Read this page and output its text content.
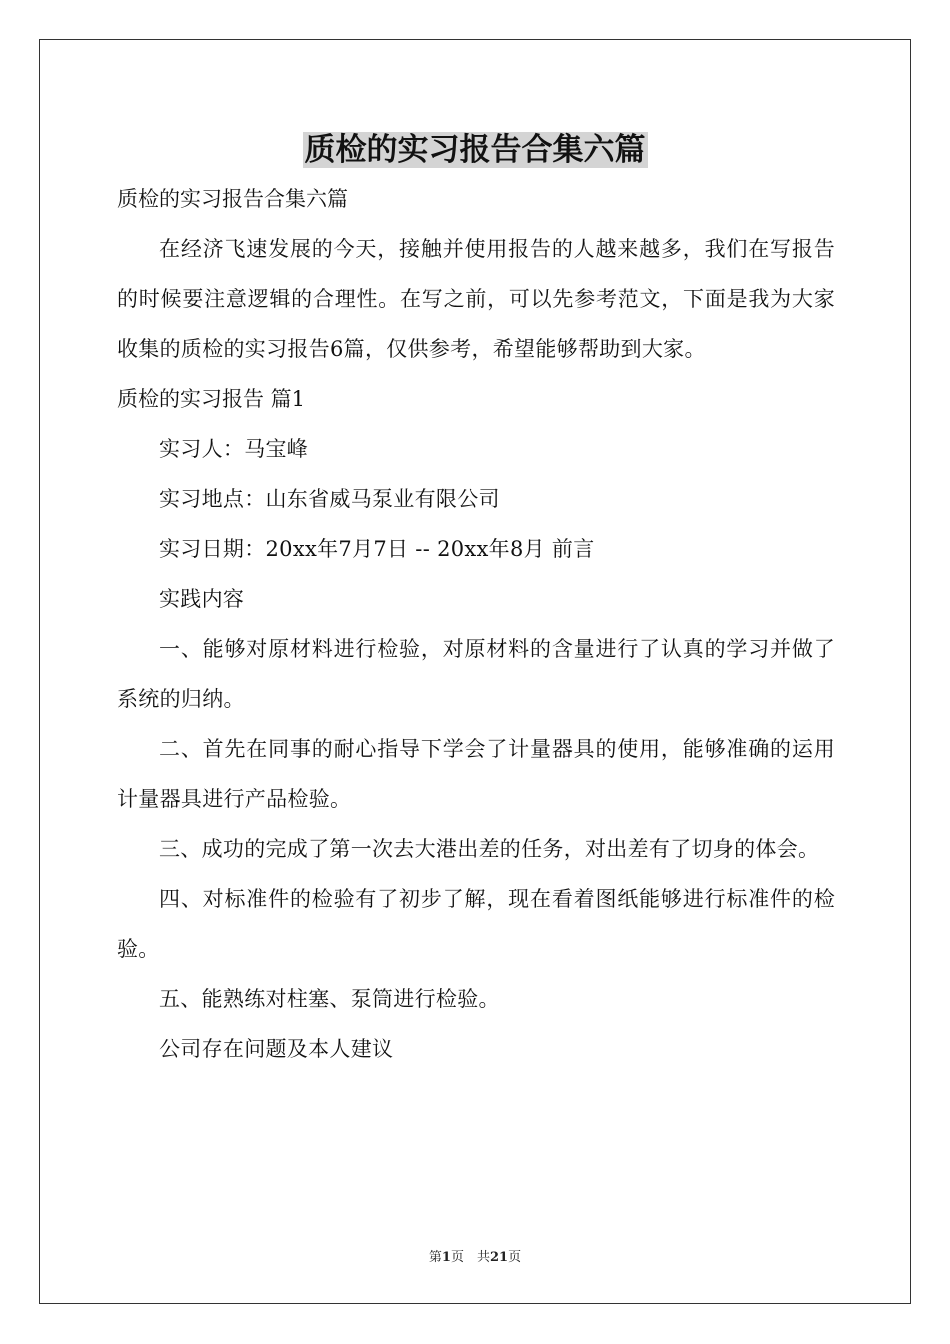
质检的实习报告合集六篇

质检的实习报告合集六篇

在经济飞速发展的今天，接触并使用报告的人越来越多，我们在写报告的时候要注意逻辑的合理性。在写之前，可以先参考范文，下面是我为大家收集的质检的实习报告6篇，仅供参考，希望能够帮助到大家。

质检的实习报告 篇1

实习人：马宝峰

实习地点：山东省威马泵业有限公司

实习日期：20xx年7月7日 -- 20xx年8月 前言

实践内容

一、能够对原材料进行检验，对原材料的含量进行了认真的学习并做了系统的归纳。

二、首先在同事的耐心指导下学会了计量器具的使用，能够准确的运用计量器具进行产品检验。

三、成功的完成了第一次去大港出差的任务，对出差有了切身的体会。

四、对标准件的检验有了初步了解，现在看着图纸能够进行标准件的检验。

五、能熟练对柱塞、泵筒进行检验。

公司存在问题及本人建议

第1页　共21页
